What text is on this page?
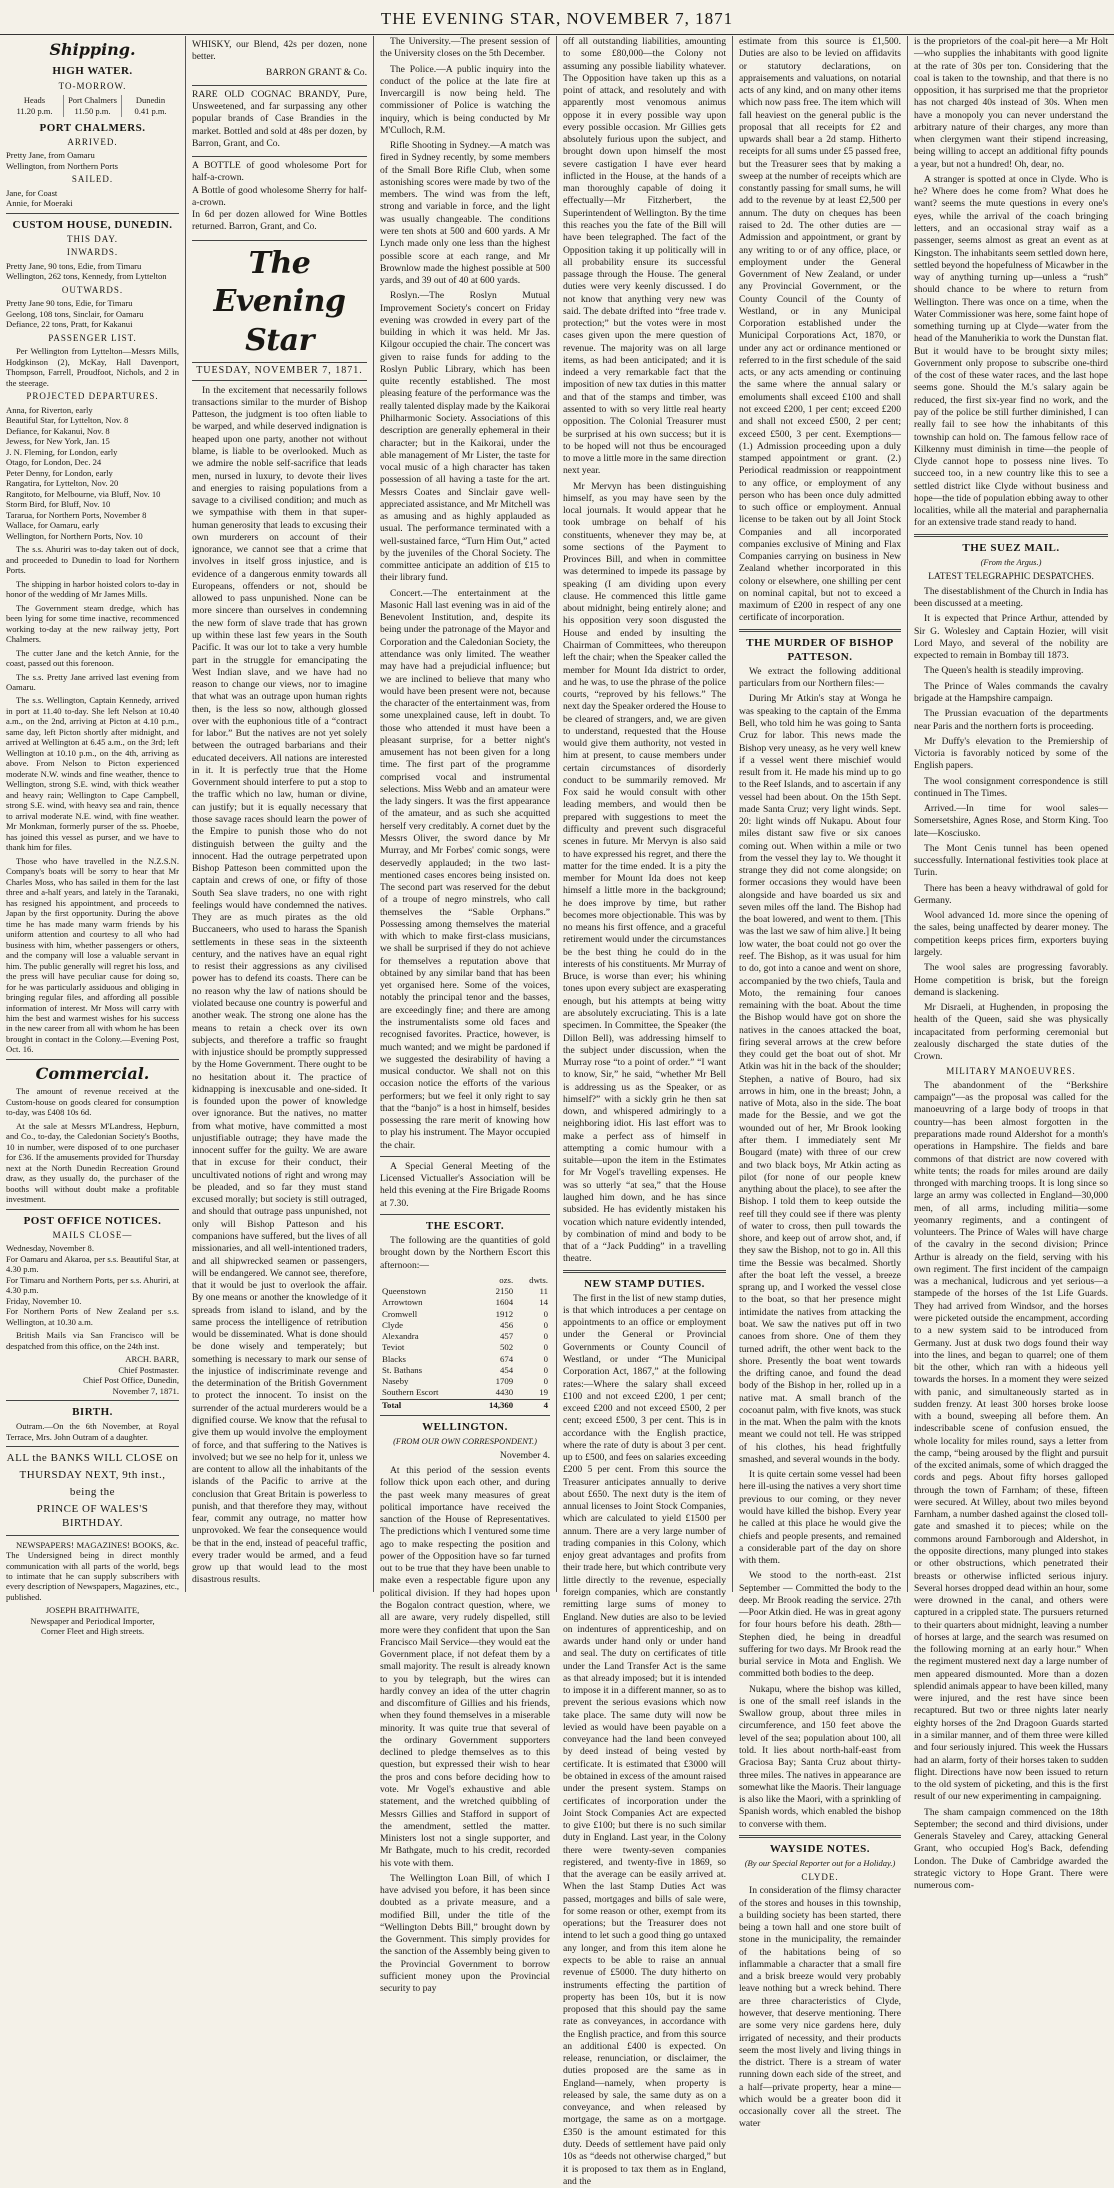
THE EVENING STAR, NOVEMBER 7, 1871
Shipping.
HIGH WATER.
TO-MORROW.
Heads
11.20 p.m.
Port Chalmers
11.50 p.m.
Dunedin
0.41 p.m.
PORT CHALMERS.
ARRIVED.

Pretty Jane, from Oamaru
Wellington, from Northern Ports

SAILED.

Jane, for Coast
Annie, for Moeraki

CUSTOM HOUSE, DUNEDIN.
THIS DAY.
INWARDS.

Pretty Jane, 90 tons, Edie, from Timaru
Wellington, 262 tons, Kennedy, from Lyttelton

OUTWARDS.

Pretty Jane 90 tons, Edie, for Timaru
Geelong, 108 tons, Sinclair, for Oamaru
Defiance, 22 tons, Pratt, for Kakanui

PASSENGER LIST.

Per Wellington from Lyttelton—Messrs Mills, Hodgkinson (2), McKay, Hall Davenport, Thompson, Farrell, Proudfoot, Nichols, and 2 in the steerage.

PROJECTED DEPARTURES.

Anna, for Riverton, early
Beautiful Star, for Lyttelton, Nov. 8
Defiance, for Kakanui, Nov. 8
Jewess, for New York, Jan. 15
J. N. Fleming, for London, early
Otago, for London, Dec. 24
Peter Denny, for London, early
Rangatira, for Lyttelton, Nov. 20
Rangitoto, for Melbourne, via Bluff, Nov. 10
Storm Bird, for Bluff, Nov. 10
Tararua, for Northern Ports, November 8
Wallace, for Oamaru, early
Wellington, for Northern Ports, Nov. 10

The s.s. Ahuriri was to-day taken out of dock, and proceeded to Dunedin to load for Northern Ports.

The shipping in harbor hoisted colors to-day in honor of the wedding of Mr James Mills.

The Government steam dredge, which has been lying for some time inactive, recommenced working to-day at the new railway jetty, Port Chalmers.

The cutter Jane and the ketch Annie, for the coast, passed out this forenoon.

The s.s. Pretty Jane arrived last evening from Oamaru.

The s.s. Wellington, Captain Kennedy, arrived in port at 11.40 to-day. She left Nelson at 10.40 a.m., on the 2nd, arriving at Picton at 4.10 p.m., same day, left Picton shortly after midnight, and arrived at Wellington at 6.45 a.m., on the 3rd; left Wellington at 10.10 p.m., on the 4th, arriving as above. From Nelson to Picton experienced moderate N.W. winds and fine weather, thence to Wellington, strong S.E. wind, with thick weather and heavy rain; Wellington to Cape Campbell, strong S.E. wind, with heavy sea and rain, thence to arrival moderate N.E. wind, with fine weather. Mr Monkman, formerly purser of the ss. Phoebe, has joined this vessel as purser, and we have to thank him for files.

Those who have travelled in the N.Z.S.N. Company's boats will be sorry to hear that Mr Charles Moss, who has sailed in them for the last three and a-half years, and lately in the Taranaki, has resigned his appointment, and proceeds to Japan by the first opportunity. During the above time he has made many warm friends by his uniform attention and courtesy to all who had business with him, whether passengers or others, and the company will lose a valuable servant in him. The public generally will regret his loss, and the press will have peculiar cause for doing so, for he was particularly assiduous and obliging in bringing regular files, and affording all possible information of interest. Mr Moss will carry with him the best and warmest wishes for his success in the new career from all with whom he has been brought in contact in the Colony.—Evening Post, Oct. 16.

Commercial.

The amount of revenue received at the Custom-house on goods cleared for consumption to-day, was £408 10s 6d.

At the sale at Messrs M'Landress, Hepburn, and Co., to-day, the Caledonian Society's Booths, 10 in number, were disposed of to one purchaser for £36. If the amusements provided for Thursday next at the North Dunedin Recreation Ground draw, as they usually do, the purchaser of the booths will without doubt make a profitable investment.

POST OFFICE NOTICES.
MAILS CLOSE—

Wednesday, November 8.
For Oamaru and Akaroa, per s.s. Beautiful Star, at 4.30 p.m.
For Timaru and Northern Ports, per s.s. Ahuriri, at 4.30 p.m.
Friday, November 10.
For Northern Ports of New Zealand per s.s. Wellington, at 10.30 a.m.

British Mails via San Francisco will be despatched from this office, on the 24th inst.

ARCH. BARR,
Chief Postmaster.
Chief Post Office, Dunedin,
November 7, 1871.

BIRTH.

Outram.—On the 6th November, at Royal Terrace, Mrs. John Outram of a daughter.

ALL the BANKS WILL CLOSE on
THURSDAY NEXT, 9th inst.,
being the
PRINCE OF WALES'S BIRTHDAY.

NEWSPAPERS! MAGAZINES! BOOKS, &c. The Undersigned being in direct monthly communication with all parts of the world, begs to intimate that he can supply subscribers with every description of Newspapers, Magazines, etc., published.

JOSEPH BRAITHWAITE,
Newspaper and Periodical Importer,
Corner Fleet and High streets.

WHISKY, our Blend, 42s per dozen, none better.

BARRON GRANT & Co.

RARE OLD COGNAC BRANDY, Pure, Unsweetened, and far surpassing any other popular brands of Case Brandies in the market. Bottled and sold at 48s per dozen, by Barron, Grant, and Co.

A BOTTLE of good wholesome Port for half-a-crown.
A Bottle of good wholesome Sherry for half-a-crown.
In 6d per dozen allowed for Wine Bottles returned. Barron, Grant, and Co.

The Evening Star
TUESDAY, NOVEMBER 7, 1871.

In the excitement that necessarily follows transactions similar to the murder of Bishop Patteson, the judgment is too often liable to be warped, and while deserved indignation is heaped upon one party, another not without blame, is liable to be overlooked. Much as we admire the noble self-sacrifice that leads men, nursed in luxury, to devote their lives and energies to raising populations from a savage to a civilised condition; and much as we sympathise with them in that super-human generosity that leads to excusing their own murderers on account of their ignorance, we cannot see that a crime that involves in itself gross injustice, and is evidence of a dangerous enmity towards all Europeans, offenders or not, should be allowed to pass unpunished. None can be more sincere than ourselves in condemning the new form of slave trade that has grown up within these last few years in the South Pacific. It was our lot to take a very humble part in the struggle for emancipating the West Indian slave, and we have had no reason to change our views, nor to imagine that what was an outrage upon human rights then, is the less so now, although glossed over with the euphonious title of a “contract for labor.” But the natives are not yet solely between the outraged barbarians and their educated deceivers. All nations are interested in it. It is perfectly true that the Home Government should interfere to put a stop to the traffic which no law, human or divine, can justify; but it is equally necessary that those savage races should learn the power of the Empire to punish those who do not distinguish between the guilty and the innocent. Had the outrage perpetrated upon Bishop Patteson been committed upon the captain and crews of one, or fifty of those South Sea slave traders, no one with right feelings would have condemned the natives. They are as much pirates as the old Buccaneers, who used to harass the Spanish settlements in these seas in the sixteenth century, and the natives have an equal right to resist their aggressions as any civilised power has to defend its coasts. There can be no reason why the law of nations should be violated because one country is powerful and another weak. The strong one alone has the means to retain a check over its own subjects, and therefore a traffic so fraught with injustice should be promptly suppressed by the Home Government. There ought to be no hesitation about it. The practice of kidnapping is inexcusable and one-sided. It is founded upon the power of knowledge over ignorance. But the natives, no matter from what motive, have committed a most unjustifiable outrage; they have made the innocent suffer for the guilty. We are aware that in excuse for their conduct, their uncultivated notions of right and wrong may be pleaded, and so far they must stand excused morally; but society is still outraged, and should that outrage pass unpunished, not only will Bishop Patteson and his companions have suffered, but the lives of all missionaries, and all well-intentioned traders, and all shipwrecked seamen or passengers, will be endangered. We cannot see, therefore, that it would be just to overlook the affair. By one means or another the knowledge of it spreads from island to island, and by the same process the intelligence of retribution would be disseminated. What is done should be done wisely and temperately; but something is necessary to mark our sense of the injustice of indiscriminate revenge and the determination of the British Government to protect the innocent. To insist on the surrender of the actual murderers would be a dignified course. We know that the refusal to give them up would involve the employment of force, and that suffering to the Natives is involved; but we see no help for it, unless we are content to allow all the inhabitants of the islands of the Pacific to arrive at the conclusion that Great Britain is powerless to punish, and that therefore they may, without fear, commit any outrage, no matter how unprovoked. We fear the consequence would be that in the end, instead of peaceful traffic, every trader would be armed, and a feud grow up that would lead to the most disastrous results.

The University.—The present session of the University closes on the 5th December.

The Police.—A public inquiry into the conduct of the police at the late fire at Invercargill is now being held. The commissioner of Police is watching the inquiry, which is being conducted by Mr M'Culloch, R.M.

Rifle Shooting in Sydney.—A match was fired in Sydney recently, by some members of the Small Bore Rifle Club, when some astonishing scores were made by two of the members. The wind was from the left, strong and variable in force, and the light was usually changeable. The conditions were ten shots at 500 and 600 yards. A Mr Lynch made only one less than the highest possible score at each range, and Mr Brownlow made the highest possible at 500 yards, and 39 out of 40 at 600 yards.

Roslyn.—The Roslyn Mutual Improvement Society's concert on Friday evening was crowded in every part of the building in which it was held. Mr Jas. Kilgour occupied the chair. The concert was given to raise funds for adding to the Roslyn Public Library, which has been quite recently established. The most pleasing feature of the performance was the really talented display made by the Kaikorai Philharmonic Society. Associations of this description are generally ephemeral in their character; but in the Kaikorai, under the able management of Mr Lister, the taste for vocal music of a high character has taken possession of all having a taste for the art. Messrs Coates and Sinclair gave well-appreciated assistance, and Mr Mitchell was as amusing and as highly applauded as usual. The performance terminated with a well-sustained farce, “Turn Him Out,” acted by the juveniles of the Choral Society. The committee anticipate an addition of £15 to their library fund.

Concert.—The entertainment at the Masonic Hall last evening was in aid of the Benevolent Institution, and, despite its being under the patronage of the Mayor and Corporation and the Caledonian Society, the attendance was only limited. The weather may have had a prejudicial influence; but we are inclined to believe that many who would have been present were not, because the character of the entertainment was, from some unexplained cause, left in doubt. To those who attended it must have been a pleasant surprise, for a better night's amusement has not been given for a long time. The first part of the programme comprised vocal and instrumental selections. Miss Webb and an amateur were the lady singers. It was the first appearance of the amateur, and as such she acquitted herself very creditably. A cornet duet by the Messrs Oliver, the sword dance by Mr Murray, and Mr Forbes' comic songs, were deservedly applauded; in the two last-mentioned cases encores being insisted on. The second part was reserved for the debut of a troupe of negro minstrels, who call themselves the “Sable Orphans.” Possessing among themselves the material with which to make first-class musicians, we shall be surprised if they do not achieve for themselves a reputation above that obtained by any similar band that has been yet organised here. Some of the voices, notably the principal tenor and the basses, are exceedingly fine; and there are among the instrumentalists some old faces and recognised favorites. Practice, however, is much wanted; and we might be pardoned if we suggested the desirability of having a musical conductor. We shall not on this occasion notice the efforts of the various performers; but we feel it only right to say that the “banjo” is a host in himself, besides possessing the rare merit of knowing how to play his instrument. The Mayor occupied the chair.

A Special General Meeting of the Licensed Victualler's Association will be held this evening at the Fire Brigade Rooms at 7.30.

THE ESCORT.

The following are the quantities of gold brought down by the Northern Escort this afternoon:—

	ozs.	dwts.
Queenstown	2150	11
Arrowtown	1604	14
Cromwell	1912	0
Clyde	456	0
Alexandra	457	0
Teviot	502	0
Blacks	674	0
St. Bathans	454	0
Naseby	1709	0
Southern Escort	4430	19
Total	14,360	4
WELLINGTON.
(FROM OUR OWN CORRESPONDENT.)

November 4.

At this period of the session events follow thick upon each other, and during the past week many measures of great political importance have received the sanction of the House of Representatives. The predictions which I ventured some time ago to make respecting the position and power of the Opposition have so far turned out to be true that they have been unable to make even a respectable figure upon any political division. If they had hopes upon the Bogalon contract question, where, we all are aware, very rudely dispelled, still more were they confident that upon the San Francisco Mail Service—they would eat the Government place, if not defeat them by a small majority. The result is already known to you by telegraph, but the wires can hardly convey an idea of the utter chagrin and discomfiture of Gillies and his friends, when they found themselves in a miserable minority. It was quite true that several of the ordinary Government supporters declined to pledge themselves as to this question, but expressed their wish to hear the pros and cons before deciding how to vote. Mr Vogel's exhaustive and able statement, and the wretched quibbling of Messrs Gillies and Stafford in support of the amendment, settled the matter. Ministers lost not a single supporter, and Mr Bathgate, much to his credit, recorded his vote with them.

The Wellington Loan Bill, of which I have advised you before, it has been since doubted as a private measure, and a modified Bill, under the title of the “Wellington Debts Bill,” brought down by the Government. This simply provides for the sanction of the Assembly being given to the Provincial Government to borrow sufficient money upon the Provincial security to pay

off all outstanding liabilities, amounting to some £80,000—the Colony not assuming any possible liability whatever. The Opposition have taken up this as a point of attack, and resolutely and with apparently most venomous animus oppose it in every possible way upon every possible occasion. Mr Gillies gets absolutely furious upon the subject, and brought down upon himself the most severe castigation I have ever heard inflicted in the House, at the hands of a man thoroughly capable of doing it effectually—Mr Fitzherbert, the Superintendent of Wellington. By the time this reaches you the fate of the Bill will have been telegraphed. The fact of the Opposition taking it up politically will in all probability ensure its successful passage through the House. The general duties were very keenly discussed. I do not know that anything very new was said. The debate drifted into “free trade v. protection;” but the votes were in most cases given upon the mere question of revenue. The majority was on all large items, as had been anticipated; and it is indeed a very remarkable fact that the imposition of new tax duties in this matter and that of the stamps and timber, was assented to with so very little real hearty opposition. The Colonial Treasurer must be surprised at his own success; but it is to be hoped will not thus be encouraged to move a little more in the same direction next year.

Mr Mervyn has been distinguishing himself, as you may have seen by the local journals. It would appear that he took umbrage on behalf of his constituents, whenever they may be, at some sections of the Payment to Provinces Bill, and when in committee was determined to impede its passage by speaking (I am dividing upon every clause. He commenced this little game about midnight, being entirely alone; and his opposition very soon disgusted the House and ended by insulting the Chairman of Committees, who thereupon left the chair; when the Speaker called the member for Mount Ida district to order, and he was, to use the phrase of the police courts, “reproved by his fellows.” The next day the Speaker ordered the House to be cleared of strangers, and, we are given to understand, requested that the House would give them authority, not vested in him at present, to cause members under certain circumstances of disorderly conduct to be summarily removed. Mr Fox said he would consult with other leading members, and would then be prepared with suggestions to meet the difficulty and prevent such disgraceful scenes in future. Mr Mervyn is also said to have expressed his regret, and there the matter for the time ended. It is a pity the member for Mount Ida does not keep himself a little more in the background; he does improve by time, but rather becomes more objectionable. This was by no means his first offence, and a graceful retirement would under the circumstances be the best thing he could do in the interests of his constituents. Mr Murray of Bruce, is worse than ever; his whining tones upon every subject are exasperating enough, but his attempts at being witty are absolutely excruciating. This is a late specimen. In Committee, the Speaker (the Dillon Bell), was addressing himself to the subject under discussion, when the Murray rose “to a point of order.” “I want to know, Sir,” he said, “whether Mr Bell is addressing us as the Speaker, or as himself?” with a sickly grin he then sat down, and whispered admiringly to a neighboring idiot. His last effort was to make a perfect ass of himself in attempting a comic humour with a suitable—upon the item in the Estimates for Mr Vogel's travelling expenses. He was so utterly “at sea,” that the House laughed him down, and he has since subsided. He has evidently mistaken his vocation which nature evidently intended, by combination of mind and body to be that of a “Jack Pudding” in a travelling theatre.

NEW STAMP DUTIES.

The first in the list of new stamp duties, is that which introduces a per centage on appointments to an office or employment under the General or Provincial Governments or County Council of Westland, or under “The Municipal Corporation Act, 1867,” at the following rates:—Where the salary shall exceed £100 and not exceed £200, 1 per cent; exceed £200 and not exceed £500, 2 per cent; exceed £500, 3 per cent. This is in accordance with the English practice, where the rate of duty is about 3 per cent. up to £500, and fees on salaries exceeding £200 5 per cent. From this source the Treasurer anticipates annually to derive about £650. The next duty is the item of annual licenses to Joint Stock Companies, which are calculated to yield £1500 per annum. There are a very large number of trading companies in this Colony, which enjoy great advantages and profits from their trade here, but which contribute very little directly to the revenue, especially foreign companies, which are constantly remitting large sums of money to England. New duties are also to be levied on indentures of apprenticeship, and on awards under hand only or under hand and seal. The duty on certificates of title under the Land Transfer Act is the same as that already imposed; but it is intended to impose it in a different manner, so as to prevent the serious evasions which now take place. The same duty will now be levied as would have been payable on a conveyance had the land been conveyed by deed instead of being vested by certificate. It is estimated that £3000 will be obtained in excess of the amount raised under the present system. Stamps on certificates of incorporation under the Joint Stock Companies Act are expected to give £100; but there is no such similar duty in England. Last year, in the Colony there were twenty-seven companies registered, and twenty-five in 1869, so that the average can be easily arrived at. When the last Stamp Duties Act was passed, mortgages and bills of sale were, for some reason or other, exempt from its operations; but the Treasurer does not intend to let such a good thing go untaxed any longer, and from this item alone he expects to be able to raise an annual revenue of £5000. The duty hitherto on instruments effecting the partition of property has been 10s, but it is now proposed that this should pay the same rate as conveyances, in accordance with the English practice, and from this source an additional £400 is expected. On release, renunciation, or disclaimer, the duties proposed are the same as in England—namely, when property is released by sale, the same duty as on a conveyance, and when released by mortgage, the same as on a mortgage. £350 is the amount estimated for this duty. Deeds of settlement have paid only 10s as “deeds not otherwise charged,” but it is proposed to tax them as in England, and the

estimate from this source is £1,500. Duties are also to be levied on affidavits or statutory declarations, on appraisements and valuations, on notarial acts of any kind, and on many other items which now pass free. The item which will fall heaviest on the general public is the proposal that all receipts for £2 and upwards shall bear a 2d stamp. Hitherto receipts for all sums under £5 passed free, but the Treasurer sees that by making a sweep at the number of receipts which are constantly passing for small sums, he will add to the revenue by at least £2,500 per annum. The duty on cheques has been raised to 2d. The other duties are —Admission and appointment, or grant by any writing to or of any office, place, or employment under the General Government of New Zealand, or under any Provincial Government, or the County Council of the County of Westland, or in any Municipal Corporation established under the Municipal Corporations Act, 1870, or under any act or ordinance mentioned or referred to in the first schedule of the said acts, or any acts amending or continuing the same where the annual salary or emoluments shall exceed £100 and shall not exceed £200, 1 per cent; exceed £200 and shall not exceed £500, 2 per cent; exceed £500, 3 per cent. Exemptions—(1.) Admission proceeding upon a duly stamped appointment or grant. (2.) Periodical readmission or reappointment to any office, or employment of any person who has been once duly admitted to such office or employment. Annual license to be taken out by all Joint Stock Companies and all incorporated companies exclusive of Mining and Flax Companies carrying on business in New Zealand whether incorporated in this colony or elsewhere, one shilling per cent on nominal capital, but not to exceed a maximum of £200 in respect of any one certificate of incorporation.

THE MURDER OF BISHOP PATTESON.

We extract the following additional particulars from our Northern files:—

During Mr Atkin's stay at Wonga he was speaking to the captain of the Emma Bell, who told him he was going to Santa Cruz for labor. This news made the Bishop very uneasy, as he very well knew if a vessel went there mischief would result from it. He made his mind up to go to the Reef Islands, and to ascertain if any vessel had been about. On the 15th Sept. made Santa Cruz; very light winds. Sept. 20: light winds off Nukapu. About four miles distant saw five or six canoes coming out. When within a mile or two from the vessel they lay to. We thought it strange they did not come alongside; on former occasions they would have been alongside and have boarded us six and seven miles off the land. The Bishop had the boat lowered, and went to them. [This was the last we saw of him alive.] It being low water, the boat could not go over the reef. The Bishop, as it was usual for him to do, got into a canoe and went on shore, accompanied by the two chiefs, Taula and Moto, the remaining four canoes remaining with the boat. About the time the Bishop would have got on shore the natives in the canoes attacked the boat, firing several arrows at the crew before they could get the boat out of shot. Mr Atkin was hit in the back of the shoulder; Stephen, a native of Bouro, had six arrows in him, one in the breast; John, a native of Mota, also in the side. The boat made for the Bessie, and we got the wounded out of her, Mr Brook looking after them. I immediately sent Mr Bougard (mate) with three of our crew and two black boys, Mr Atkin acting as pilot (for none of our people knew anything about the place), to see after the Bishop. I told them to keep outside the reef till they could see if there was plenty of water to cross, then pull towards the shore, and keep out of arrow shot, and, if they saw the Bishop, not to go in. All this time the Bessie was becalmed. Shortly after the boat left the vessel, a breeze sprang up, and I worked the vessel close to the boat, so that her presence might intimidate the natives from attacking the boat. We saw the natives put off in two canoes from shore. One of them they turned adrift, the other went back to the shore. Presently the boat went towards the drifting canoe, and found the dead body of the Bishop in her, rolled up in a native mat. A small branch of the cocoanut palm, with five knots, was stuck in the mat. When the palm with the knots meant we could not tell. He was stripped of his clothes, his head frightfully smashed, and several wounds in the body.

It is quite certain some vessel had been here ill-using the natives a very short time previous to our coming, or they never would have killed the bishop. Every year he called at this place he would give the chiefs and people presents, and remained a considerable part of the day on shore with them.

We stood to the north-east. 21st September — Committed the body to the deep. Mr Brook reading the service. 27th—Poor Atkin died. He was in great agony for four hours before his death. 28th—Stephen died, he being in dreadful suffering for two days. Mr Brook read the burial service in Mota and English. We committed both bodies to the deep.

Nukapu, where the bishop was killed, is one of the small reef islands in the Swallow group, about three miles in circumference, and 150 feet above the level of the sea; population about 100, all told. It lies about north-half-east from Graciosa Bay; Santa Cruz about thirty-three miles. The natives in appearance are somewhat like the Maoris. Their language is also like the Maori, with a sprinkling of Spanish words, which enabled the bishop to converse with them.

WAYSIDE NOTES.
(By our Special Reporter out for a Holiday.)
CLYDE.

In consideration of the flimsy character of the stores and houses in this township, a building society has been started, there being a town hall and one store built of stone in the municipality, the remainder of the habitations being of so inflammable a character that a small fire and a brisk breeze would very probably leave nothing but a wreck behind. There are three characteristics of Clyde, however, that deserve mentioning. There are some very nice gardens here, duly irrigated of necessity, and their products seem the most lively and living things in the district. There is a stream of water running down each side of the street, and a half—private property, hear a mine—which would be a greater boon did it occasionally cover all the street. The water

is the proprietors of the coal-pit here—a Mr Holt—who supplies the inhabitants with good lignite at the rate of 30s per ton. Considering that the coal is taken to the township, and that there is no opposition, it has surprised me that the proprietor has not charged 40s instead of 30s. When men have a monopoly you can never understand the arbitrary nature of their charges, any more than when clergymen want their stipend increasing, being willing to accept an additional fifty pounds a year, but not a hundred! Oh, dear, no.

A stranger is spotted at once in Clyde. Who is he? Where does he come from? What does he want? seems the mute questions in every one's eyes, while the arrival of the coach bringing letters, and an occasional stray waif as a passenger, seems almost as great an event as at Kingston. The inhabitants seem settled down here, settled beyond the hopefulness of Micawber in the way of anything turning up—unless a “rush” should chance to be where to return from Wellington. There was once on a time, when the Water Commissioner was here, some faint hope of something turning up at Clyde—water from the head of the Manuherikia to work the Dunstan flat. But it would have to be brought sixty miles; Government only propose to subscribe one-third of the cost of these water races, and the last hope seems gone. Should the M.'s salary again be reduced, the first six-year find no work, and the pay of the police be still further diminished, I can really fail to see how the inhabitants of this township can hold on. The famous fellow race of Kilkenny must diminish in time—the people of Clyde cannot hope to possess nine lives. To succeed too, in a new country like this to see a settled district like Clyde without business and hope—the tide of population ebbing away to other localities, while all the material and paraphernalia for an extensive trade stand ready to hand.

THE SUEZ MAIL.
(From the Argus.)

LATEST TELEGRAPHIC DESPATCHES.

The disestablishment of the Church in India has been discussed at a meeting.

It is expected that Prince Arthur, attended by Sir G. Wolesley and Captain Hozier, will visit Lord Mayo, and several of the nobility are expected to remain in Bombay till 1873.

The Queen's health is steadily improving.

The Prince of Wales commands the cavalry brigade at the Hampshire campaign.

The Prussian evacuation of the departments near Paris and the northern forts is proceeding.

Mr Duffy's elevation to the Premiership of Victoria is favorably noticed by some of the English papers.

The wool consignment correspondence is still continued in The Times.

Arrived.—In time for wool sales—Somersetshire, Agnes Rose, and Storm King. Too late—Kosciusko.

The Mont Cenis tunnel has been opened successfully. International festivities took place at Turin.

There has been a heavy withdrawal of gold for Germany.

Wool advanced 1d. more since the opening of the sales, being unaffected by dearer money. The competition keeps prices firm, exporters buying largely.

The wool sales are progressing favorably. Home competition is brisk, but the foreign demand is slackening.

Mr Disraeli, at Hughenden, in proposing the health of the Queen, said she was physically incapacitated from performing ceremonial but zealously discharged the state duties of the Crown.

MILITARY MANOEUVRES.

The abandonment of the “Berkshire campaign”—as the proposal was called for the manoeuvring of a large body of troops in that country—has been almost forgotten in the preparations made round Aldershot for a month's operations in Hampshire. The fields and bare commons of that district are now covered with white tents; the roads for miles around are daily thronged with marching troops. It is long since so large an army was collected in England—30,000 men, of all arms, including militia—some yeomanry regiments, and a contingent of volunteers. The Prince of Wales will have charge of the cavalry in the second division; Prince Arthur is already on the field, serving with his own regiment. The first incident of the campaign was a mechanical, ludicrous and yet serious—a stampede of the horses of the 1st Life Guards. They had arrived from Windsor, and the horses were picketed outside the encampment, according to a new system said to be introduced from Germany. Just at dusk two dogs found their way into the lines, and began to quarrel; one of them bit the other, which ran with a hideous yell towards the horses. In a moment they were seized with panic, and simultaneously started as in sudden frenzy. At least 300 horses broke loose with a bound, sweeping all before them. An indescribable scene of confusion ensued, the whole locality for miles round, says a letter from the camp, “being aroused by the flight and pursuit of the excited animals, some of which dragged the cords and pegs. About fifty horses galloped through the town of Farnham; of these, fifteen were secured. At Willey, about two miles beyond Farnham, a number dashed against the closed toll-gate and smashed it to pieces; while on the commons around Farnborough and Aldershot, in the opposite directions, many plunged into stakes or other obstructions, which penetrated their breasts or otherwise inflicted serious injury. Several horses dropped dead within an hour, some were drowned in the canal, and others were captured in a crippled state. The pursuers returned to their quarters about midnight, leaving a number of horses at large, and the search was resumed on the following morning at an early hour.” When the regiment mustered next day a large number of men appeared dismounted. More than a dozen splendid animals appear to have been killed, many were injured, and the rest have since been recaptured. But two or three nights later nearly eighty horses of the 2nd Dragoon Guards started in a similar manner, and of them three were killed and four seriously injured. This week the Hussars had an alarm, forty of their horses taken to sudden flight. Directions have now been issued to return to the old system of picketing, and this is the first result of our new experimenting in campaigning.

The sham campaign commenced on the 18th September; the second and third divisions, under Generals Staveley and Carey, attacking General Grant, who occupied Hog's Back, defending London. The Duke of Cambridge awarded the strategic victory to Hope Grant. There were numerous com-
